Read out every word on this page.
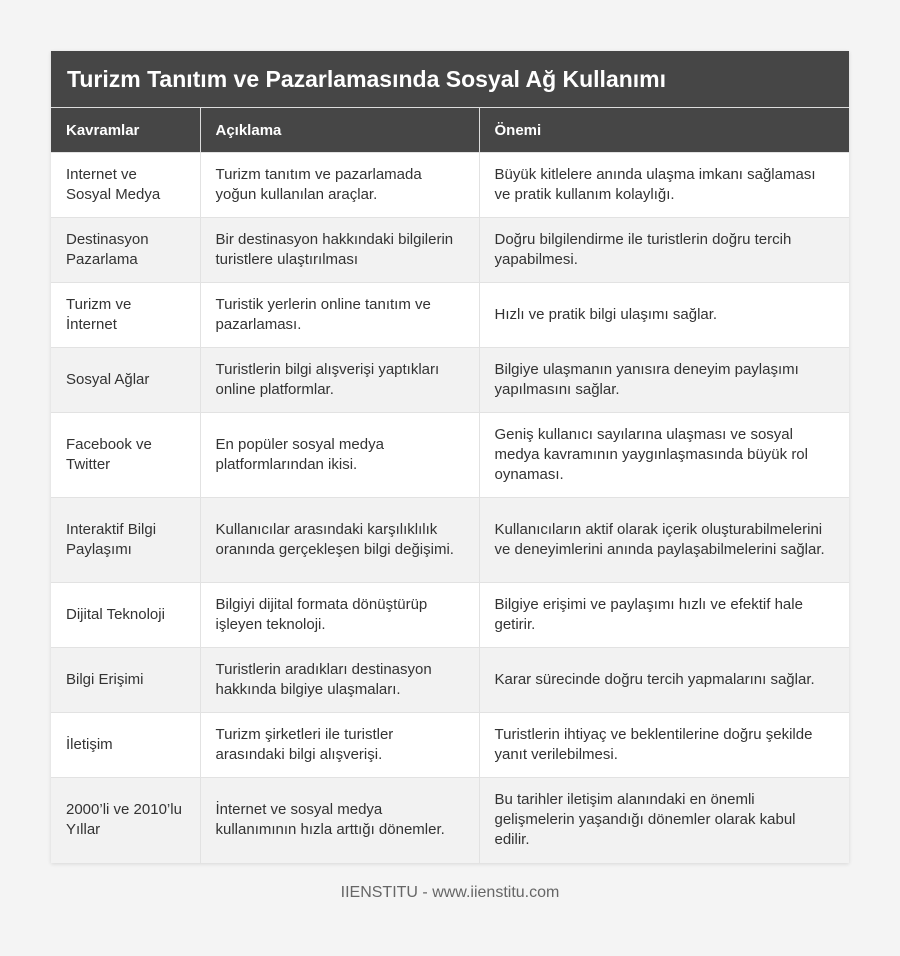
Turizm Tanıtım ve Pazarlamasında Sosyal Ağ Kullanımı
Kavramlar	Açıklama	Önemi
Internet ve Sosyal Medya	Turizm tanıtım ve pazarlamada yoğun kullanılan araçlar.	Büyük kitlelere anında ulaşma imkanı sağlaması ve pratik kullanım kolaylığı.
Destinasyon Pazarlama	Bir destinasyon hakkındaki bilgilerin turistlere ulaştırılması	Doğru bilgilendirme ile turistlerin doğru tercih yapabilmesi.
Turizm ve İnternet	Turistik yerlerin online tanıtım ve pazarlaması.	Hızlı ve pratik bilgi ulaşımı sağlar.
Sosyal Ağlar	Turistlerin bilgi alışverişi yaptıkları online platformlar.	Bilgiye ulaşmanın yanısıra deneyim paylaşımı yapılmasını sağlar.
Facebook ve Twitter	En popüler sosyal medya platformlarından ikisi.	Geniş kullanıcı sayılarına ulaşması ve sosyal medya kavramının yaygınlaşmasında büyük rol oynaması.
Interaktif Bilgi Paylaşımı	Kullanıcılar arasındaki karşılıklılık oranında gerçekleşen bilgi değişimi.	Kullanıcıların aktif olarak içerik oluşturabilmelerini ve deneyimlerini anında paylaşabilmelerini sağlar.
Dijital Teknoloji	Bilgiyi dijital formata dönüştürüp işleyen teknoloji.	Bilgiye erişimi ve paylaşımı hızlı ve efektif hale getirir.
Bilgi Erişimi	Turistlerin aradıkları destinasyon hakkında bilgiye ulaşmaları.	Karar sürecinde doğru tercih yapmalarını sağlar.
İletişim	Turizm şirketleri ile turistler arasındaki bilgi alışverişi.	Turistlerin ihtiyaç ve beklentilerine doğru şekilde yanıt verilebilmesi.
2000’li ve 2010’lu Yıllar	İnternet ve sosyal medya kullanımının hızla arttığı dönemler.	Bu tarihler iletişim alanındaki en önemli gelişmelerin yaşandığı dönemler olarak kabul edilir.
IIENSTITU - www.iienstitu.com
